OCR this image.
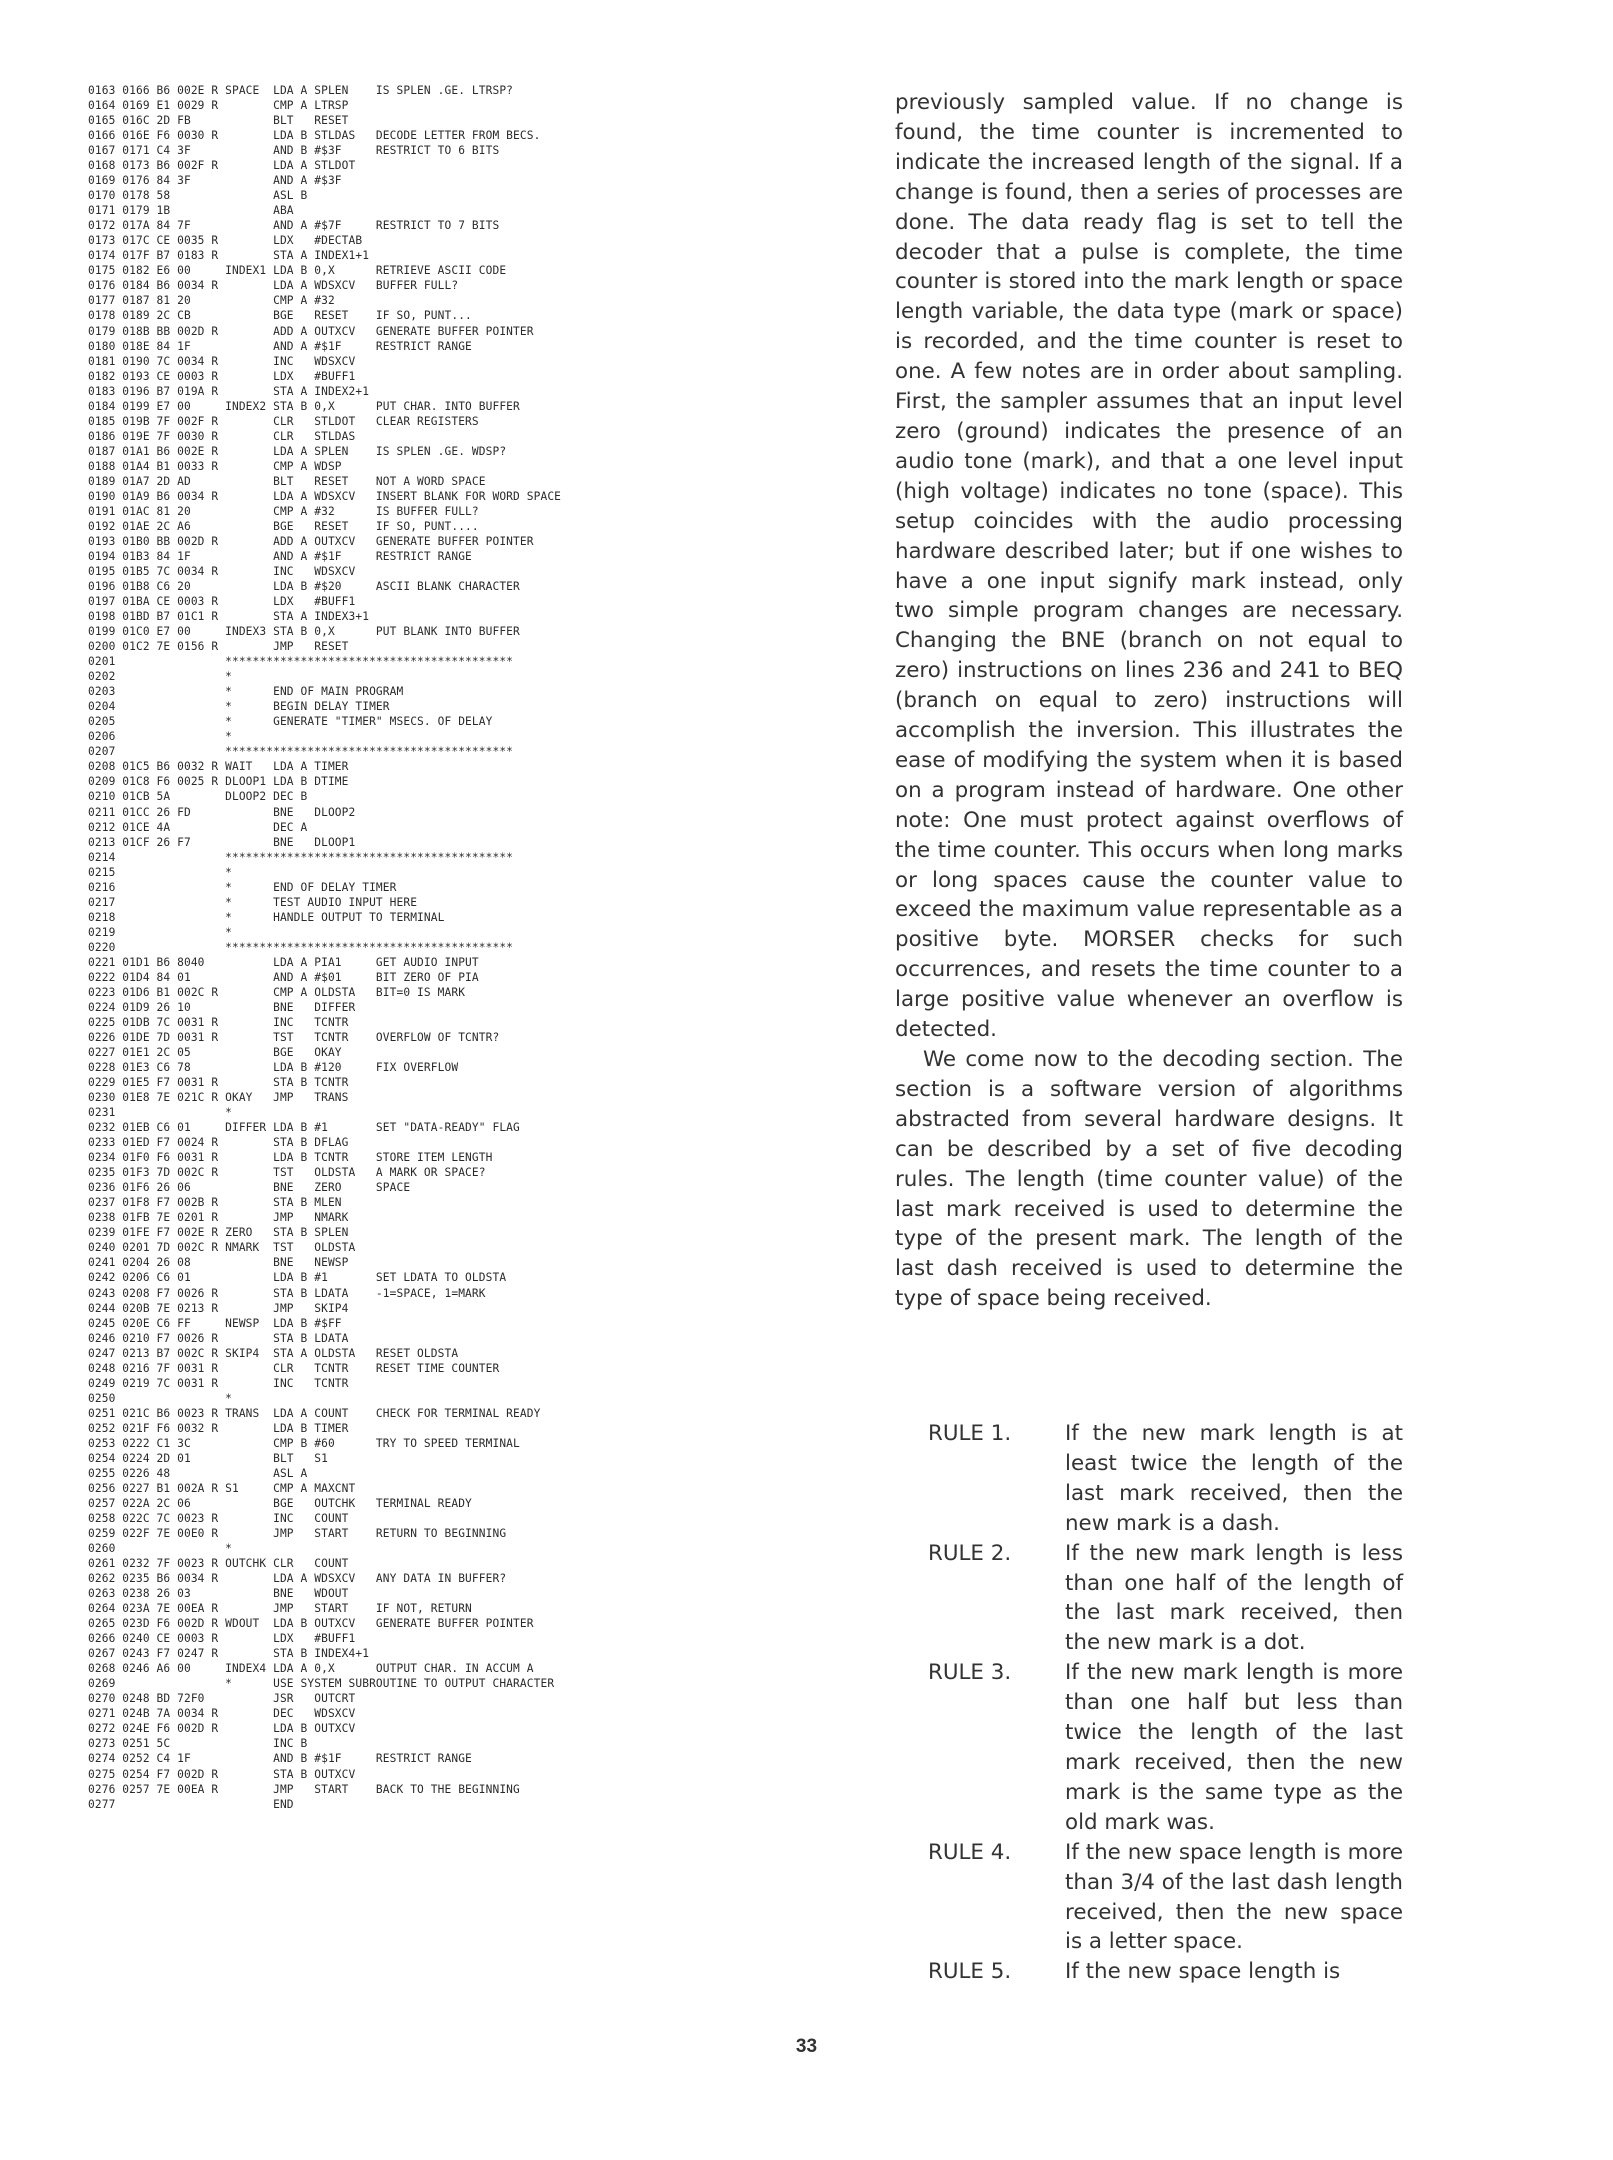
0163 0166 B6 002E R SPACE  LDA A SPLEN    IS SPLEN .GE. LTRSP?
0164 0169 E1 0029 R        CMP A LTRSP
0165 016C 2D FB            BLT   RESET
0166 016E F6 0030 R        LDA B STLDAS   DECODE LETTER FROM BECS.
0167 0171 C4 3F            AND B #$3F     RESTRICT TO 6 BITS
0168 0173 B6 002F R        LDA A STLDOT
0169 0176 84 3F            AND A #$3F
0170 0178 58               ASL B
0171 0179 1B               ABA
0172 017A 84 7F            AND A #$7F     RESTRICT TO 7 BITS
0173 017C CE 0035 R        LDX   #DECTAB
0174 017F B7 0183 R        STA A INDEX1+1
0175 0182 E6 00     INDEX1 LDA B 0,X      RETRIEVE ASCII CODE
0176 0184 B6 0034 R        LDA A WDSXCV   BUFFER FULL?
0177 0187 81 20            CMP A #32
0178 0189 2C CB            BGE   RESET    IF SO, PUNT...
0179 018B BB 002D R        ADD A OUTXCV   GENERATE BUFFER POINTER
0180 018E 84 1F            AND A #$1F     RESTRICT RANGE
0181 0190 7C 0034 R        INC   WDSXCV
0182 0193 CE 0003 R        LDX   #BUFF1
0183 0196 B7 019A R        STA A INDEX2+1
0184 0199 E7 00     INDEX2 STA B 0,X      PUT CHAR. INTO BUFFER
0185 019B 7F 002F R        CLR   STLDOT   CLEAR REGISTERS
0186 019E 7F 0030 R        CLR   STLDAS
0187 01A1 B6 002E R        LDA A SPLEN    IS SPLEN .GE. WDSP?
0188 01A4 B1 0033 R        CMP A WDSP
0189 01A7 2D AD            BLT   RESET    NOT A WORD SPACE
0190 01A9 B6 0034 R        LDA A WDSXCV   INSERT BLANK FOR WORD SPACE
0191 01AC 81 20            CMP A #32      IS BUFFER FULL?
0192 01AE 2C A6            BGE   RESET    IF SO, PUNT....
0193 01B0 BB 002D R        ADD A OUTXCV   GENERATE BUFFER POINTER
0194 01B3 84 1F            AND A #$1F     RESTRICT RANGE
0195 01B5 7C 0034 R        INC   WDSXCV
0196 01B8 C6 20            LDA B #$20     ASCII BLANK CHARACTER
0197 01BA CE 0003 R        LDX   #BUFF1
0198 01BD B7 01C1 R        STA A INDEX3+1
0199 01C0 E7 00     INDEX3 STA B 0,X      PUT BLANK INTO BUFFER
0200 01C2 7E 0156 R        JMP   RESET
0201                ******************************************
0202                *
0203                *      END OF MAIN PROGRAM
0204                *      BEGIN DELAY TIMER
0205                *      GENERATE "TIMER" MSECS. OF DELAY
0206                *
0207                ******************************************
0208 01C5 B6 0032 R WAIT   LDA A TIMER
0209 01C8 F6 0025 R DLOOP1 LDA B DTIME
0210 01CB 5A        DLOOP2 DEC B
0211 01CC 26 FD            BNE   DLOOP2
0212 01CE 4A               DEC A
0213 01CF 26 F7            BNE   DLOOP1
0214                ******************************************
0215                *
0216                *      END OF DELAY TIMER
0217                *      TEST AUDIO INPUT HERE
0218                *      HANDLE OUTPUT TO TERMINAL
0219                *
0220                ******************************************
0221 01D1 B6 8040          LDA A PIA1     GET AUDIO INPUT
0222 01D4 84 01            AND A #$01     BIT ZERO OF PIA
0223 01D6 B1 002C R        CMP A OLDSTA   BIT=0 IS MARK
0224 01D9 26 10            BNE   DIFFER
0225 01DB 7C 0031 R        INC   TCNTR
0226 01DE 7D 0031 R        TST   TCNTR    OVERFLOW OF TCNTR?
0227 01E1 2C 05            BGE   OKAY
0228 01E3 C6 78            LDA B #120     FIX OVERFLOW
0229 01E5 F7 0031 R        STA B TCNTR
0230 01E8 7E 021C R OKAY   JMP   TRANS
0231                *
0232 01EB C6 01     DIFFER LDA B #1       SET "DATA-READY" FLAG
0233 01ED F7 0024 R        STA B DFLAG
0234 01F0 F6 0031 R        LDA B TCNTR    STORE ITEM LENGTH
0235 01F3 7D 002C R        TST   OLDSTA   A MARK OR SPACE?
0236 01F6 26 06            BNE   ZERO     SPACE
0237 01F8 F7 002B R        STA B MLEN
0238 01FB 7E 0201 R        JMP   NMARK
0239 01FE F7 002E R ZERO   STA B SPLEN
0240 0201 7D 002C R NMARK  TST   OLDSTA
0241 0204 26 08            BNE   NEWSP
0242 0206 C6 01            LDA B #1       SET LDATA TO OLDSTA
0243 0208 F7 0026 R        STA B LDATA    -1=SPACE, 1=MARK
0244 020B 7E 0213 R        JMP   SKIP4
0245 020E C6 FF     NEWSP  LDA B #$FF
0246 0210 F7 0026 R        STA B LDATA
0247 0213 B7 002C R SKIP4  STA A OLDSTA   RESET OLDSTA
0248 0216 7F 0031 R        CLR   TCNTR    RESET TIME COUNTER
0249 0219 7C 0031 R        INC   TCNTR
0250                *
0251 021C B6 0023 R TRANS  LDA A COUNT    CHECK FOR TERMINAL READY
0252 021F F6 0032 R        LDA B TIMER
0253 0222 C1 3C            CMP B #60      TRY TO SPEED TERMINAL
0254 0224 2D 01            BLT   S1
0255 0226 48               ASL A
0256 0227 B1 002A R S1     CMP A MAXCNT
0257 022A 2C 06            BGE   OUTCHK   TERMINAL READY
0258 022C 7C 0023 R        INC   COUNT
0259 022F 7E 00E0 R        JMP   START    RETURN TO BEGINNING
0260                *
0261 0232 7F 0023 R OUTCHK CLR   COUNT
0262 0235 B6 0034 R        LDA A WDSXCV   ANY DATA IN BUFFER?
0263 0238 26 03            BNE   WDOUT
0264 023A 7E 00EA R        JMP   START    IF NOT, RETURN
0265 023D F6 002D R WDOUT  LDA B OUTXCV   GENERATE BUFFER POINTER
0266 0240 CE 0003 R        LDX   #BUFF1
0267 0243 F7 0247 R        STA B INDEX4+1
0268 0246 A6 00     INDEX4 LDA A 0,X      OUTPUT CHAR. IN ACCUM A
0269                *      USE SYSTEM SUBROUTINE TO OUTPUT CHARACTER
0270 0248 BD 72F0          JSR   OUTCRT
0271 024B 7A 0034 R        DEC   WDSXCV
0272 024E F6 002D R        LDA B OUTXCV
0273 0251 5C               INC B
0274 0252 C4 1F            AND B #$1F     RESTRICT RANGE
0275 0254 F7 002D R        STA B OUTXCV
0276 0257 7E 00EA R        JMP   START    BACK TO THE BEGINNING
0277                       END

previously sampled value. If no change is found, the time counter is incremented to indicate the increased length of the signal. If a change is found, then a series of processes are done. The data ready flag is set to tell the decoder that a pulse is complete, the time counter is stored into the mark length or space length variable, the data type (mark or space) is recorded, and the time counter is reset to one. A few notes are in order about sampling. First, the sampler assumes that an input level zero (ground) indicates the presence of an audio tone (mark), and that a one level input (high voltage) indicates no tone (space). This setup coincides with the audio processing hardware described later; but if one wishes to have a one input signify mark instead, only two simple program changes are necessary. Changing the BNE (branch on not equal to zero) instructions on lines 236 and 241 to BEQ (branch on equal to zero) instructions will accomplish the inversion. This illustrates the ease of modifying the system when it is based on a program instead of hardware. One other note: One must protect against overflows of the time counter. This occurs when long marks or long spaces cause the counter value to exceed the maximum value representable as a positive byte. MORSER checks for such occurrences, and resets the time counter to a large positive value whenever an overflow is detected.

We come now to the decoding section. The section is a software version of algorithms abstracted from several hardware designs. It can be described by a set of five decoding rules. The length (time counter value) of the last mark received is used to determine the type of the present mark. The length of the last dash received is used to determine the type of space being received.

RULE 1.	If the new mark length is at least twice the length of the last mark received, then the new mark is a dash.
RULE 2.	If the new mark length is less than one half of the length of the last mark received, then the new mark is a dot.
RULE 3.	If the new mark length is more than one half but less than twice the length of the last mark received, then the new mark is the same type as the old mark was.
RULE 4.	If the new space length is more than 3/4 of the last dash length received, then the new space is a letter space.
RULE 5.	If the new space length is
33
